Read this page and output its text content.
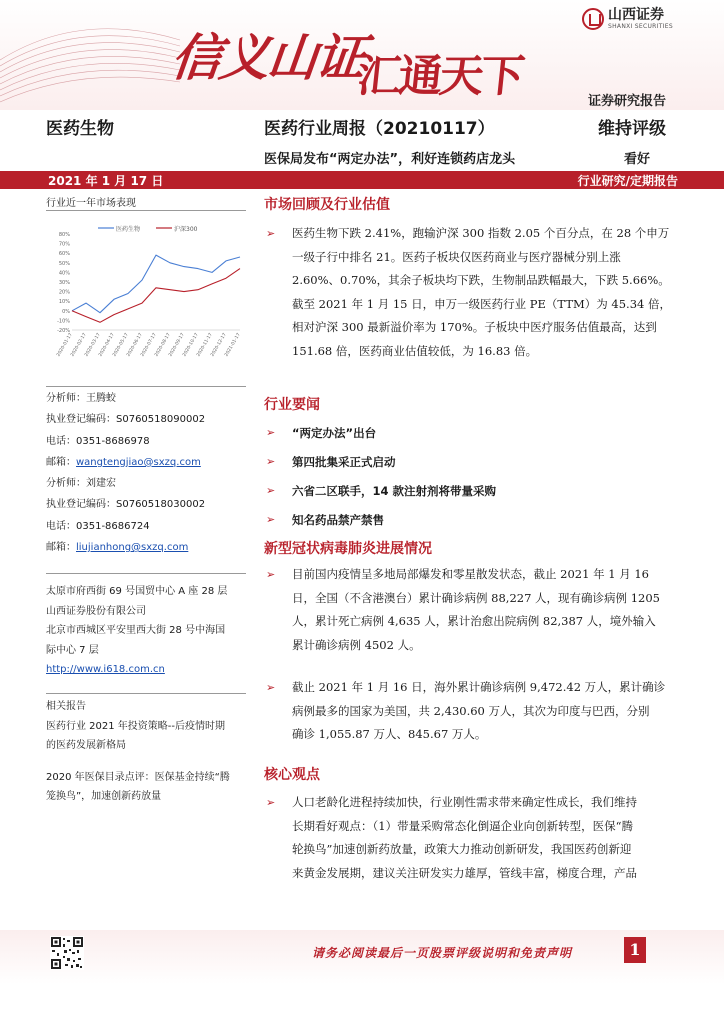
信义山证
汇通天下
山西证券
SHANXI SECURITIES
证券研究报告
医药生物	医药行业周报（20210117）	维持评级
医保局发布“两定办法”，利好连锁药店龙头	看好
2021 年 1 月 17 日	行业研究/定期报告
行业近一年市场表现
医药生物	沪深300
-20%
-10%
0%
10%
20%
30%
40%
50%
60%
70%
80%
2020-01-17
2020-02-17
2020-03-17
2020-04-17
2020-05-17
2020-06-17
2020-07-17
2020-08-17
2020-09-17
2020-10-17
2020-11-17
2020-12-17
2021-01-17
分析师：王腾蛟
执业登记编码：S0760518090002
电话：0351-8686978
邮箱：wangtengjiao@sxzq.com
分析师：刘建宏
执业登记编码：S0760518030002
电话：0351-8686724
邮箱：liujianhong@sxzq.com
太原市府西街 69 号国贸中心 A 座 28 层
山西证券股份有限公司
北京市西城区平安里西大街 28 号中海国
际中心 7 层
http://www.i618.com.cn
相关报告
医药行业 2021 年投资策略--后疫情时期
的医药发展新格局
2020 年医保目录点评：医保基金持续“腾
笼换鸟”，加速创新药放量
市场回顾及行业估值
➢ 医药生物下跌 2.41%，跑输沪深 300 指数 2.05 个百分点，在 28 个申万
一级子行中排名 21。医药子板块仅医药商业与医疗器械分别上涨
2.60%、0.70%，其余子板块均下跌，生物制品跌幅最大，下跌 5.66%。
截至 2021 年 1 月 15 日，申万一级医药行业 PE（TTM）为 45.34 倍，
相对沪深 300 最新溢价率为 170%。子板块中医疗服务估值最高，达到
151.68 倍，医药商业估值较低，为 16.83 倍。
行业要闻
➢ “两定办法”出台
➢ 第四批集采正式启动
➢ 六省二区联手，14 款注射剂将带量采购
➢ 知名药品禁产禁售
新型冠状病毒肺炎进展情况
➢ 目前国内疫情呈多地局部爆发和零星散发状态，截止 2021 年 1 月 16
日，全国（不含港澳台）累计确诊病例 88,227 人，现有确诊病例 1205
人，累计死亡病例 4,635 人，累计治愈出院病例 82,387 人，境外输入
累计确诊病例 4502 人。
➢ 截止 2021 年 1 月 16 日，海外累计确诊病例 9,472.42 万人，累计确诊
病例最多的国家为美国，共 2,430.60 万人，其次为印度与巴西，分别
确诊 1,055.87 万人、845.67 万人。
核心观点
➢ 人口老龄化进程持续加快，行业刚性需求带来确定性成长，我们维持
长期看好观点：（1）带量采购常态化倒逼企业向创新转型，医保“腾
轮换鸟”加速创新药放量，政策大力推动创新研发，我国医药创新迎
来黄金发展期，建议关注研发实力雄厚，管线丰富，梯度合理，产品
请务必阅读最后一页股票评级说明和免责声明	1
